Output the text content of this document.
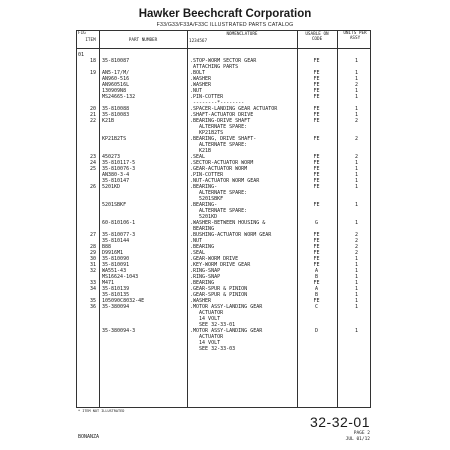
Hawker Beechcraft Corporation
F33/G33/F33A/F33C ILLUSTRATED PARTS CATALOG
FIG
ITEM	PART NUMBER
NOMENCLATURE
1234567
USABLE ON CODE
UNITS PER ASSY
01
18 35-810087	.STOP-WORM SECTOR GEAR	FE	1
ATTACHING PARTS
19 AN5-17/M/	.BOLT	FE	1
AN960-516	.WASHER	FE	1
AN960516L	.WASHER	FE	2
130909N8	.NUT	FE	1
MS24665-132	.PIN-COTTER	FE	1
--------*--------
20 35-810088	.SPACER-LANDING GEAR ACTUATOR	FE	1
21 35-810083	.SHAFT-ACTUATOR DRIVE	FE	1
22 K21B	.BEARING-DRIVE SHAFT	FE	2
ALTERNATE SPARE:
KP21B2TS
KP21B2TS	.BEARING, DRIVE SHAFT-	FE	2
ALTERNATE SPARE:
K21B
23 450273	.SEAL	FE	2
24 35-810117-5	.SECTOR-ACTUATOR WORM	FE	1
25 35-810076-3	.GEAR-ACTUATOR WORM	FE	1
AN380-3-4	.PIN-COTTER	FE	1
35-810147	.NUT-ACTUATOR WORM GEAR	FE	1
26 5201KD	.BEARING-	FE	1
ALTERNATE SPARE:
5201SBKF
5201SBKF	.BEARING-	FE	1
ALTERNATE SPARE:
5201KD
60-810106-1	.WASHER-BETWEEN HOUSING &	G	1
BEARING
27 35-810077-3	.BUSHING-ACTUATOR WORM GEAR	FE	2
35-810144	.NUT	FE	2
28 B88	.BEARING	FE	2
29 D9916M1	.SEAL	FE	2
30 35-810090	.GEAR-WORM DRIVE	FE	1
31 35-810091	.KEY-WORM DRIVE GEAR	FE	1
32 WA551-43	.RING-SNAP	A	1
MS16624-1043	.RING-SNAP	B	1
33 M471	.BEARING	FE	1
34 35-810139	.GEAR-SPUR & PINION	A	1
35-810135	.GEAR-SPUR & PINION	B	1
35 105090C8032-4E	.WASHER	FE	1
36 35-380094	.MOTOR ASSY-LANDING GEAR	C	1
ACTUATOR
14 VOLT
SEE 32-33-01
35-380094-3	.MOTOR ASSY-LANDING GEAR	D	1
ACTUATOR
14 VOLT
SEE 32-33-03
* ITEM NOT ILLUSTRATED
BONANZA
32-32-01
PAGE 2
JUL 01/12
